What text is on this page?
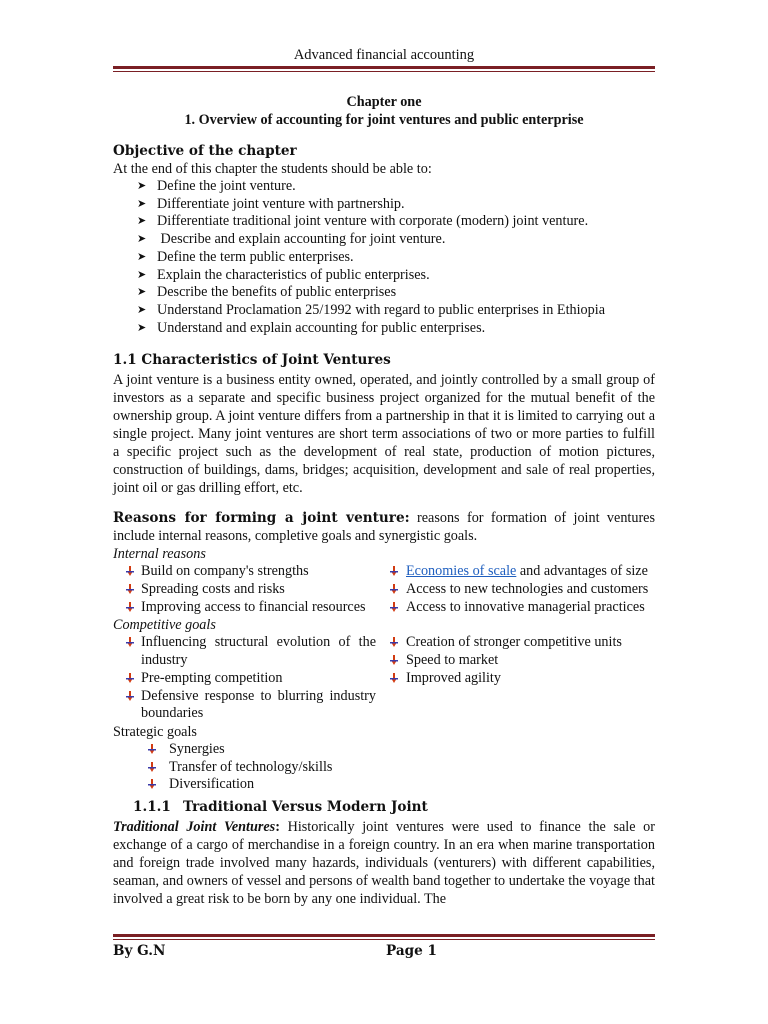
Advanced financial accounting
Chapter one
1. Overview of accounting for joint ventures and public enterprise
Objective of the chapter
At the end of this chapter the students should be able to:
➤ Define the joint venture.
➤ Differentiate joint venture with partnership.
➤ Differentiate traditional joint venture with corporate (modern) joint venture.
➤ Describe and explain accounting for joint venture.
➤ Define the term public enterprises.
➤ Explain the characteristics of public enterprises.
➤ Describe the benefits of public enterprises
➤ Understand Proclamation 25/1992 with regard to public enterprises in Ethiopia
➤ Understand and explain accounting for public enterprises.
1.1 Characteristics of Joint Ventures

A joint venture is a business entity owned, operated, and jointly controlled by a small group of investors as a separate and specific business project organized for the mutual benefit of the ownership group. A joint venture differs from a partnership in that it is limited to carrying out a single project. Many joint ventures are short term associations of two or more parties to fulfill a specific project such as the development of real state, production of motion pictures, construction of buildings, dams, bridges; acquisition, development and sale of real properties, joint oil or gas drilling effort, etc.

Reasons for forming a joint venture: reasons for formation of joint ventures include internal reasons, completive goals and synergistic goals.

Internal reasons
Build on company's strengths
Spreading costs and risks
Improving access to financial resources
Economies of scale and advantages of size
Access to new technologies and customers
Access to innovative managerial practices
Competitive goals
Influencing structural evolution of the industry
Pre-empting competition
Defensive response to blurring industry boundaries
Creation of stronger competitive units
Speed to market
Improved agility
Strategic goals
Synergies
Transfer of technology/skills
Diversification
1.1.1 Traditional Versus Modern Joint

Traditional Joint Ventures: Historically joint ventures were used to finance the sale or exchange of a cargo of merchandise in a foreign country. In an era when marine transportation and foreign trade involved many hazards, individuals (venturers) with different capabilities, seaman, and owners of vessel and persons of wealth band together to undertake the voyage that involved a great risk to be born by any one individual. The

By G.N	Page 1
